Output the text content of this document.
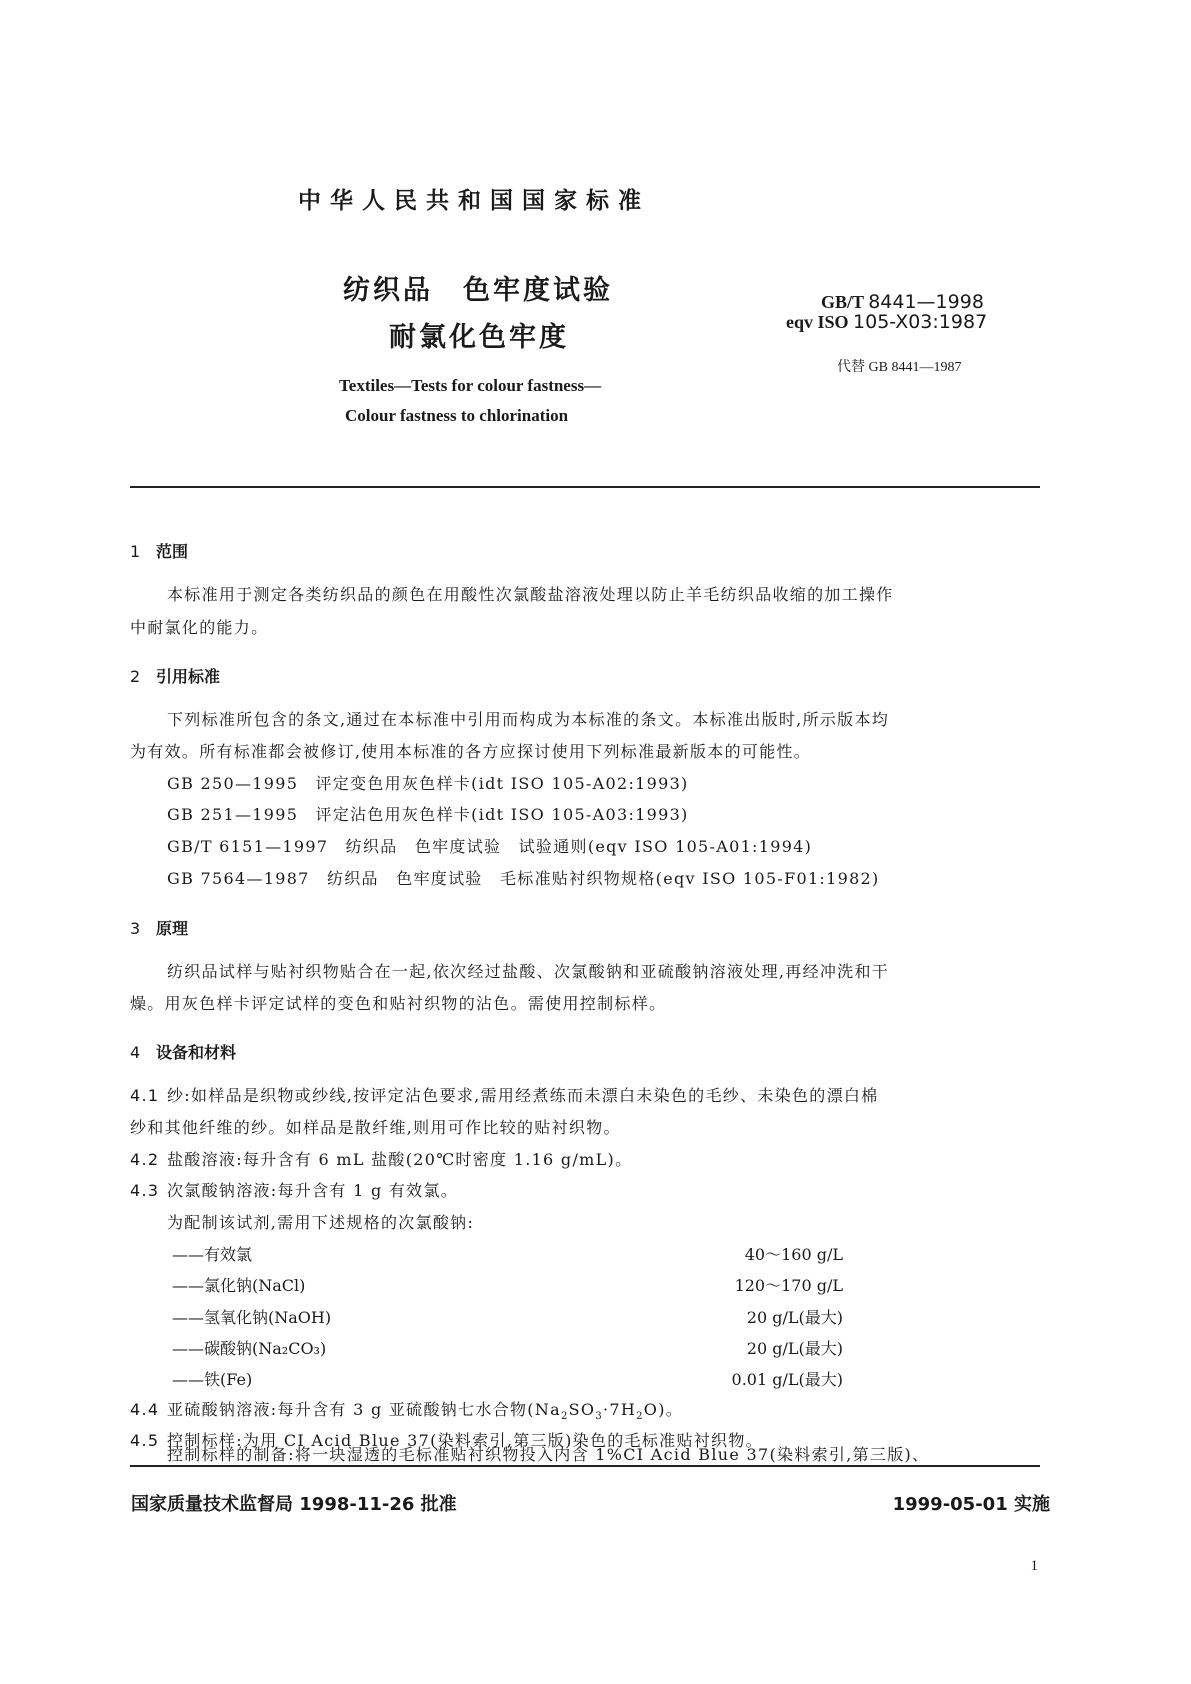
中华人民共和国国家标准
纺织品　色牢度试验
耐氯化色牢度
Textiles—Tests for colour fastness—
Colour fastness to chlorination
GB/T 8441—1998
eqv ISO 105-X03:1987
代替 GB 8441—1987
1 范围
本标准用于测定各类纺织品的颜色在用酸性次氯酸盐溶液处理以防止羊毛纺织品收缩的加工操作
中耐氯化的能力。
2 引用标准
下列标准所包含的条文,通过在本标准中引用而构成为本标准的条文。本标准出版时,所示版本均
为有效。所有标准都会被修订,使用本标准的各方应探讨使用下列标准最新版本的可能性。
GB 250—1995　评定变色用灰色样卡(idt ISO 105-A02:1993)
GB 251—1995　评定沾色用灰色样卡(idt ISO 105-A03:1993)
GB/T 6151—1997　纺织品　色牢度试验　试验通则(eqv ISO 105-A01:1994)
GB 7564—1987　纺织品　色牢度试验　毛标准贴衬织物规格(eqv ISO 105-F01:1982)
3 原理
纺织品试样与贴衬织物贴合在一起,依次经过盐酸、次氯酸钠和亚硫酸钠溶液处理,再经冲洗和干
燥。用灰色样卡评定试样的变色和贴衬织物的沾色。需使用控制标样。
4 设备和材料
4.1 纱:如样品是织物或纱线,按评定沾色要求,需用经煮练而未漂白未染色的毛纱、未染色的漂白棉
纱和其他纤维的纱。如样品是散纤维,则用可作比较的贴衬织物。
4.2 盐酸溶液:每升含有 6 mL 盐酸(20℃时密度 1.16 g/mL)。
4.3 次氯酸钠溶液:每升含有 1 g 有效氯。
为配制该试剂,需用下述规格的次氯酸钠:
——有效氯	40～160 g/L
——氯化钠(NaCl)	120～170 g/L
——氢氧化钠(NaOH)	20 g/L(最大)
——碳酸钠(Na₂CO₃)	20 g/L(最大)
——铁(Fe)	0.01 g/L(最大)
4.4 亚硫酸钠溶液:每升含有 3 g 亚硫酸钠七水合物$(Na_2SO_3\cdot 7H_2O)$。
4.5 控制标样:为用 CI Acid Blue 37(染料索引,第三版)染色的毛标准贴衬织物。
控制标样的制备:将一块湿透的毛标准贴衬织物投入内含 1%CI Acid Blue 37(染料索引,第三版)、
国家质量技术监督局 1998-11-26 批准	1999-05-01 实施
1
